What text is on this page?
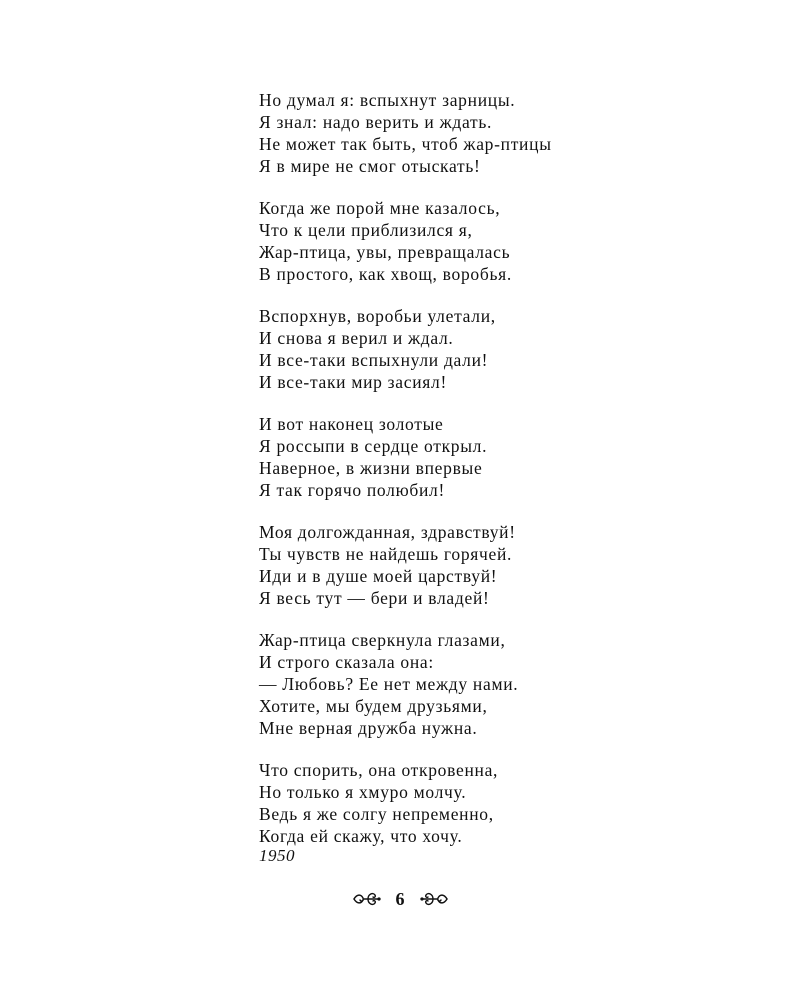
Но думал я: вспыхнут зарницы.
Я знал: надо верить и ждать.
Не может так быть, чтоб жар-птицы
Я в мире не смог отыскать!
Когда же порой мне казалось,
Что к цели приблизился я,
Жар-птица, увы, превращалась
В простого, как хвощ, воробья.
Вспорхнув, воробьи улетали,
И снова я верил и ждал.
И все-таки вспыхнули дали!
И все-таки мир засиял!
И вот наконец золотые
Я россыпи в сердце открыл.
Наверное, в жизни впервые
Я так горячо полюбил!
Моя долгожданная, здравствуй!
Ты чувств не найдешь горячей.
Иди и в душе моей царствуй!
Я весь тут — бери и владей!
Жар-птица сверкнула глазами,
И строго сказала она:
— Любовь? Ее нет между нами.
Хотите, мы будем друзьями,
Мне верная дружба нужна.
Что спорить, она откровенна,
Но только я хмуро молчу.
Ведь я же солгу непременно,
Когда ей скажу, что хочу.
1950
6
